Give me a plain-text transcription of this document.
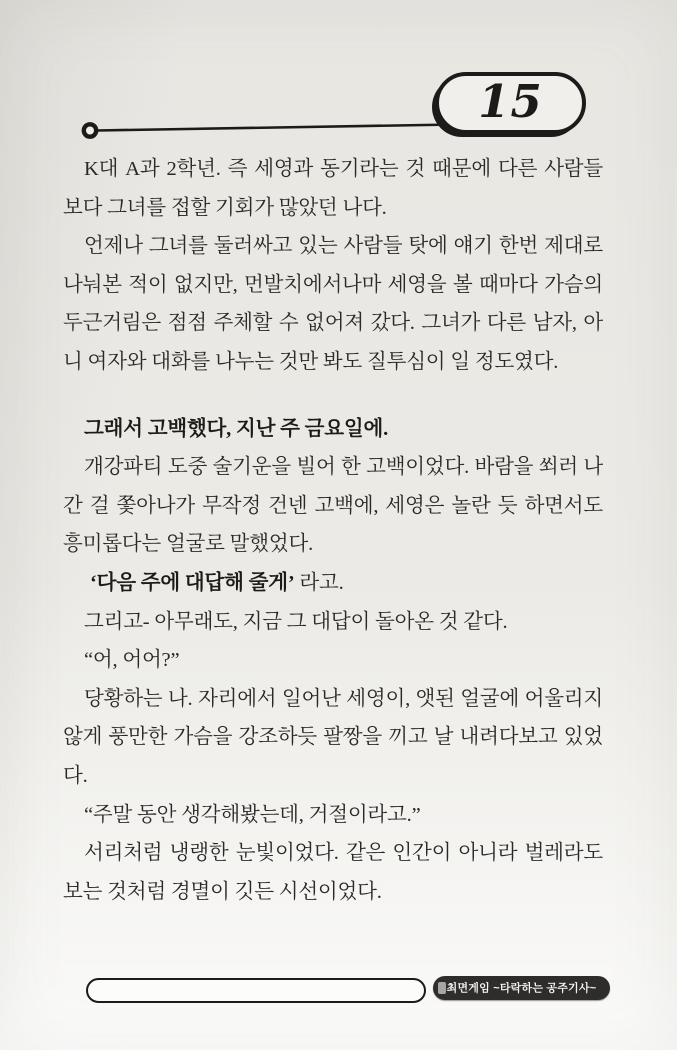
15

K대 A과 2학년. 즉 세영과 동기라는 것 때문에 다른 사람들보다 그녀를 접할 기회가 많았던 나다.

언제나 그녀를 둘러싸고 있는 사람들 탓에 얘기 한번 제대로 나눠본 적이 없지만, 먼발치에서나마 세영을 볼 때마다 가슴의 두근거림은 점점 주체할 수 없어져 갔다. 그녀가 다른 남자, 아니 여자와 대화를 나누는 것만 봐도 질투심이 일 정도였다.

그래서 고백했다, 지난 주 금요일에.

개강파티 도중 술기운을 빌어 한 고백이었다. 바람을 쐬러 나간 걸 쫓아나가 무작정 건넨 고백에, 세영은 놀란 듯 하면서도 흥미롭다는 얼굴로 말했었다.

‘다음 주에 대답해 줄게’ 라고.

그리고- 아무래도, 지금 그 대답이 돌아온 것 같다.

“어, 어어?”

당황하는 나. 자리에서 일어난 세영이, 앳된 얼굴에 어울리지 않게 풍만한 가슴을 강조하듯 팔짱을 끼고 날 내려다보고 있었다.

“주말 동안 생각해봤는데, 거절이라고.”

서리처럼 냉랭한 눈빛이었다. 같은 인간이 아니라 벌레라도 보는 것처럼 경멸이 깃든 시선이었다.

최면게임 ~타락하는 공주기사~
